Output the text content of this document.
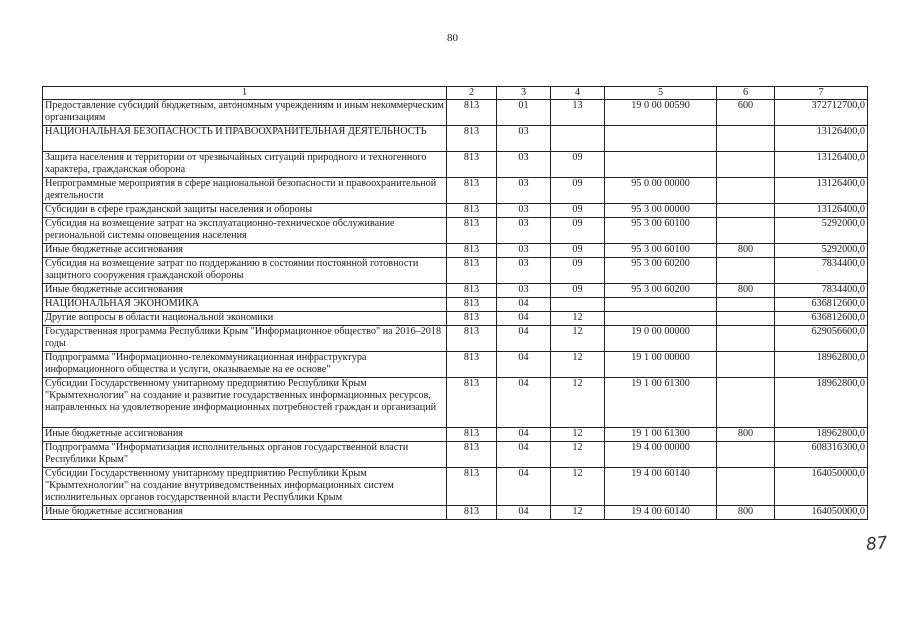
80
1	2	3	4	5	6	7
Предоставление субсидий бюджетным, автономным учреждениям и иным некоммерческим организациям	813	01	13	19 0 00 00590	600	372712700,0
НАЦИОНАЛЬНАЯ БЕЗОПАСНОСТЬ И ПРАВООХРАНИТЕЛЬНАЯ ДЕЯТЕЛЬНОСТЬ	813	03				13126400,0
Защита населения и территории от чрезвычайных ситуаций природного и техногенного характера, гражданская оборона	813	03	09			13126400,0
Непрограммные мероприятия в сфере национальной безопасности и правоохранительной деятельности	813	03	09	95 0 00 00000		13126400,0
Субсидии в сфере гражданской защиты населения и обороны	813	03	09	95 3 00 00000		13126400,0
Субсидия на возмещение затрат на эксплуатационно-техническое обслуживание региональной системы оповещения населения	813	03	09	95 3 00 60100		5292000,0
Иные бюджетные ассигнования	813	03	09	95 3 00 60100	800	5292000,0
Субсидия на возмещение затрат по поддержанию в состоянии постоянной готовности защитного сооружения гражданской обороны	813	03	09	95 3 00 60200		7834400,0
Иные бюджетные ассигнования	813	03	09	95 3 00 60200	800	7834400,0
НАЦИОНАЛЬНАЯ ЭКОНОМИКА	813	04				636812600,0
Другие вопросы в области национальной экономики	813	04	12			636812600,0
Государственная программа Республики Крым "Информационное общество" на 2016–2018 годы	813	04	12	19 0 00 00000		629056600,0
Подпрограмма "Информационно-телекоммуникационная инфраструктура информационного общества и услуги, оказываемые на ее основе"	813	04	12	19 1 00 00000		18962800,0
Субсидии Государственному унитарному предприятию Республики Крым "Крымтехнологии" на создание и развитие государственных информационных ресурсов, направленных на удовлетворение информационных потребностей граждан и организаций	813	04	12	19 1 00 61300		18962800,0
Иные бюджетные ассигнования	813	04	12	19 1 00 61300	800	18962800,0
Подпрограмма "Информатизация исполнительных органов государственной власти Республики Крым"	813	04	12	19 4 00 00000		608316300,0
Субсидии Государственному унитарному предприятию Республики Крым "Крымтехнологии" на создание внутриведомственных информационных систем исполнительных органов государственной власти Республики Крым	813	04	12	19 4 00 60140		164050000,0
Иные бюджетные ассигнования	813	04	12	19 4 00 60140	800	164050000,0
87
